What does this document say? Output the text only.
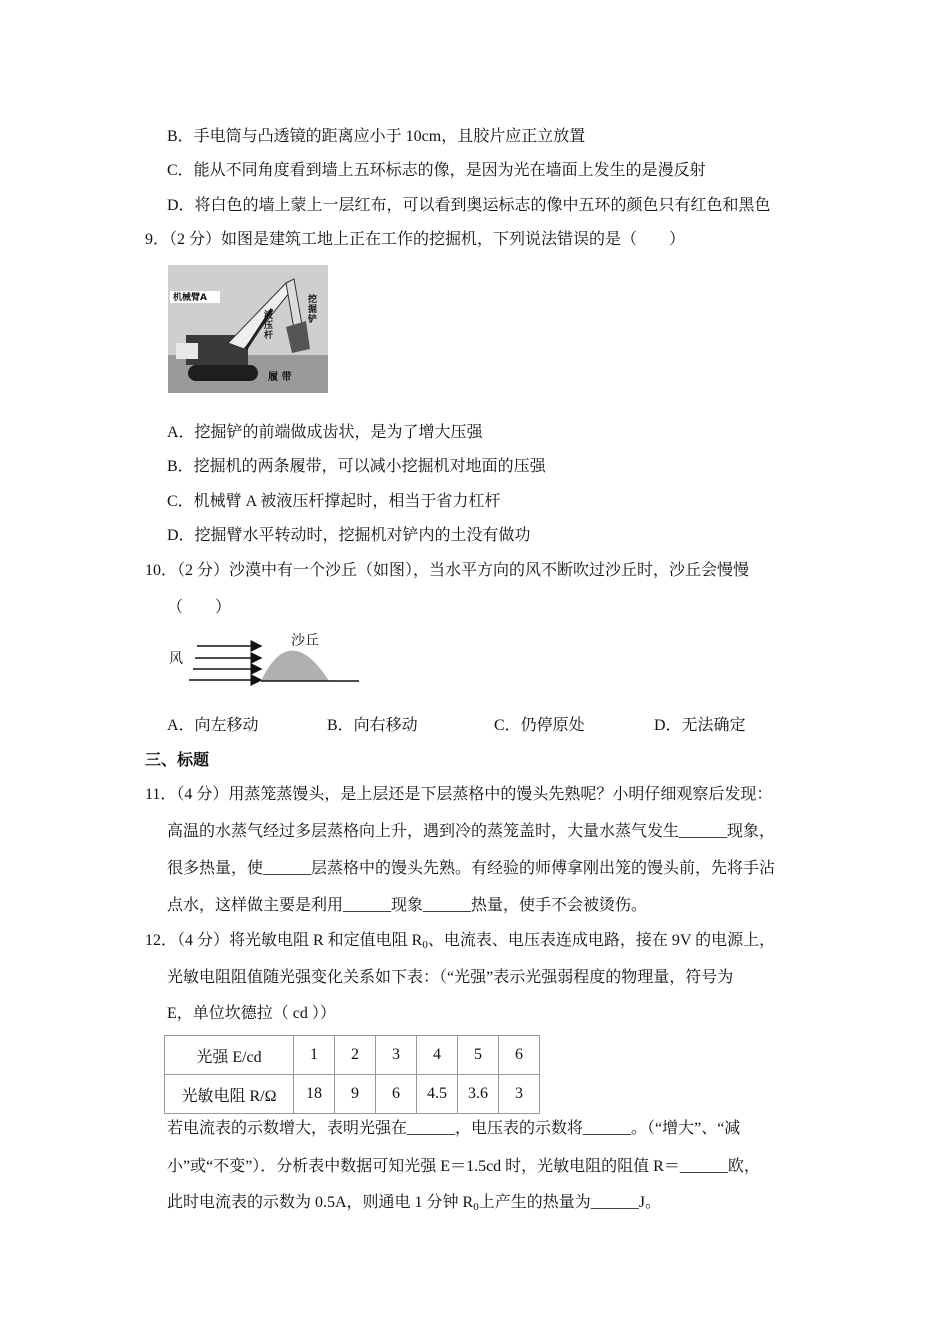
B．手电筒与凸透镜的距离应小于 10cm，且胶片应正立放置
C．能从不同角度看到墙上五环标志的像，是因为光在墙面上发生的是漫反射
D．将白色的墙上蒙上一层红布，可以看到奥运标志的像中五环的颜色只有红色和黑色
9．（2 分）如图是建筑工地上正在工作的挖掘机，下列说法错误的是（　　）
机械臂A
液压杆
挖掘铲
履 带
A．挖掘铲的前端做成齿状，是为了增大压强
B．挖掘机的两条履带，可以减小挖掘机对地面的压强
C．机械臂 A 被液压杆撑起时，相当于省力杠杆
D．挖掘臂水平转动时，挖掘机对铲内的土没有做功
10．（2 分）沙漠中有一个沙丘（如图），当水平方向的风不断吹过沙丘时，沙丘会慢慢
（　　）
风
沙丘
A．向左移动	B．向右移动	C．仍停原处	D．无法确定
三、标题
11．（4 分）用蒸笼蒸馒头，是上层还是下层蒸格中的馒头先熟呢？小明仔细观察后发现：
高温的水蒸气经过多层蒸格向上升，遇到冷的蒸笼盖时，大量水蒸气发生______现象，
很多热量，使______层蒸格中的馒头先熟。有经验的师傅拿刚出笼的馒头前，先将手沾
点水，这样做主要是利用______现象______热量，使手不会被烫伤。
12．（4 分）将光敏电阻 R 和定值电阻 $R_0$、电流表、电压表连成电路，接在 9V 的电源上，
光敏电阻阻值随光强变化关系如下表：（“光强”表示光强弱程度的物理量，符号为
E，单位坎德拉（ cd ））
光强 E/cd	1	2	3	4	5	6
光敏电阻 R/Ω	18	9	6	4.5	3.6	3
若电流表的示数增大，表明光强在______，电压表的示数将______。（“增大”、“减
小”或“不变”）．分析表中数据可知光强 E＝1.5cd 时，光敏电阻的阻值 R＝______欧，
此时电流表的示数为 0.5A，则通电 1 分钟 $R_0$上产生的热量为______J。
